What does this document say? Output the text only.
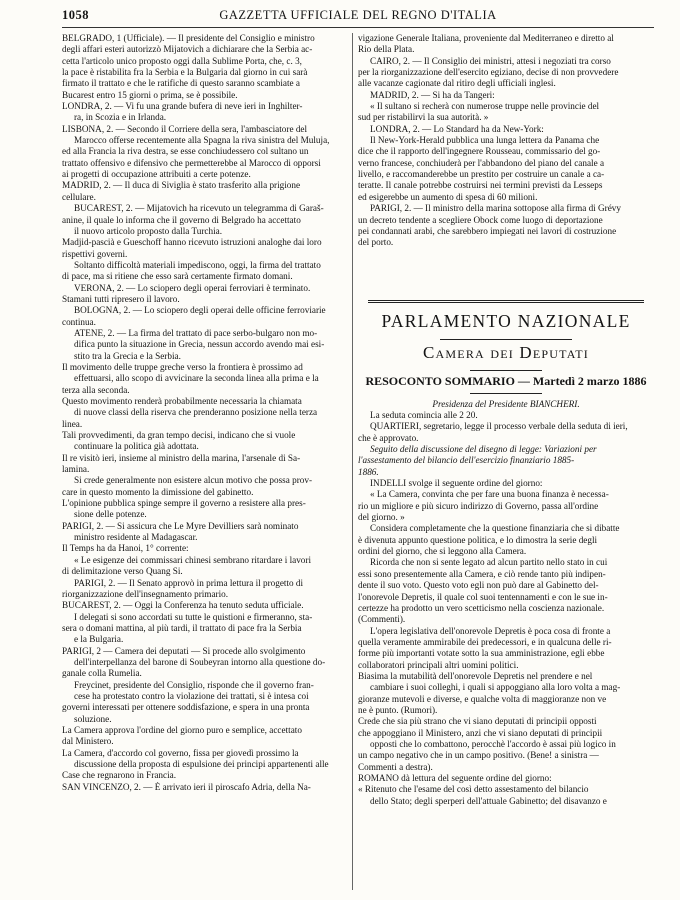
1058	GAZZETTA UFFICIALE DEL REGNO D'ITALIA

BELGRADO, 1 (Ufficiale). — Il presidente del Consiglio e ministro

degli affari esteri autorizzò Mijatovich a dichiarare che la Serbia ac-

cetta l'articolo unico proposto oggi dalla Sublime Porta, che, c. 3,

la pace è ristabilita fra la Serbia e la Bulgaria dal giorno in cui sarà

firmato il trattato e che le ratifiche di questo saranno scambiate a

Bucarest entro 15 giorni o prima, se è possibile.

LONDRA, 2. — Vi fu una grande bufera di neve ieri in Inghilter-

ra, in Scozia e in Irlanda.

LISBONA, 2. — Secondo il Corriere della sera, l'ambasciatore del

Marocco offerse recentemente alla Spagna la riva sinistra del Muluja,

ed alla Francia la riva destra, se esse conchiudessero col sultano un

trattato offensivo e difensivo che permetterebbe al Marocco di opporsi

ai progetti di occupazione attribuiti a certe potenze.

MADRID, 2. — Il duca di Siviglia è stato trasferito alla prigione

cellulare.

BUCAREST, 2. — Mijatovich ha ricevuto un telegramma di Garaš-

anine, il quale lo informa che il governo di Belgrado ha accettato

il nuovo articolo proposto dalla Turchia.

Madjid-pascià e Gueschoff hanno ricevuto istruzioni analoghe dai loro

rispettivi governi.

Soltanto difficoltà materiali impediscono, oggi, la firma del trattato

di pace, ma si ritiene che esso sarà certamente firmato domani.

VERONA, 2. — Lo sciopero degli operai ferroviari è terminato.

Stamani tutti ripresero il lavoro.

BOLOGNA, 2. — Lo sciopero degli operai delle officine ferroviarie

continua.

ATENE, 2. — La firma del trattato di pace serbo-bulgaro non mo-

difica punto la situazione in Grecia, nessun accordo avendo mai esi-

stito tra la Grecia e la Serbia.

Il movimento delle truppe greche verso la frontiera è prossimo ad

effettuarsi, allo scopo di avvicinare la seconda linea alla prima e la

terza alla seconda.

Questo movimento renderà probabilmente necessaria la chiamata

di nuove classi della riserva che prenderanno posizione nella terza

linea.

Tali provvedimenti, da gran tempo decisi, indicano che si vuole

continuare la politica già adottata.

Il re visitò ieri, insieme al ministro della marina, l'arsenale di Sa-

lamina.

Si crede generalmente non esistere alcun motivo che possa prov-

care in questo momento la dimissione del gabinetto.

L'opinione pubblica spinge sempre il governo a resistere alla pres-

sione delle potenze.

PARIGI, 2. — Si assicura che Le Myre Devilliers sarà nominato

ministro residente al Madagascar.

Il Temps ha da Hanoi, 1° corrente:

« Le esigenze dei commissari chinesi sembrano ritardare i lavori

di delimitazione verso Quang Si.

PARIGI, 2. — Il Senato approvò in prima lettura il progetto di

riorganizzazione dell'insegnamento primario.

BUCAREST, 2. — Oggi la Conferenza ha tenuto seduta ufficiale.

I delegati si sono accordati su tutte le quistioni e firmeranno, sta-

sera o domani mattina, al più tardi, il trattato di pace fra la Serbia

e la Bulgaria.

PARIGI, 2 — Camera dei deputati — Si procede allo svolgimento

dell'interpellanza del barone di Soubeyran intorno alla questione do-

ganale colla Rumelia.

Freycinet, presidente del Consiglio, risponde che il governo fran-

cese ha protestato contro la violazione dei trattati, si è intesa coi

governi interessati per ottenere soddisfazione, e spera in una pronta

soluzione.

La Camera approva l'ordine del giorno puro e semplice, accettato

dal Ministero.

La Camera, d'accordo col governo, fissa per giovedì prossimo la

discussione della proposta di espulsione dei principi appartenenti alle

Case che regnarono in Francia.

SAN VINCENZO, 2. — È arrivato ieri il piroscafo Adria, della Na-

vigazione Generale Italiana, proveniente dal Mediterraneo e diretto al

Rio della Plata.

CAIRO, 2. — Il Consiglio dei ministri, attesi i negoziati tra corso

per la riorganizzazione dell'esercito egiziano, decise di non provvedere

alle vacanze cagionate dal ritiro degli ufficiali inglesi.

MADRID, 2. — Si ha da Tangeri:

« Il sultano si recherà con numerose truppe nelle provincie del

sud per ristabilirvi la sua autorità. »

LONDRA, 2. — Lo Standard ha da New-York:

Il New-York-Herald pubblica una lunga lettera da Panama che

dice che il rapporto dell'ingegnere Rousseau, commissario del go-

verno francese, conchiuderà per l'abbandono del piano del canale a

livello, e raccomanderebbe un prestito per costruire un canale a ca-

teratte. Il canale potrebbe costruirsi nei termini previsti da Lesseps

ed esigerebbe un aumento di spesa di 60 milioni.

PARIGI, 2. — Il ministro della marina sottopose alla firma di Grévy

un decreto tendente a scegliere Obock come luogo di deportazione

pei condannati arabi, che sarebbero impiegati nei lavori di costruzione

del porto.

PARLAMENTO NAZIONALE
Camera dei Deputati
RESOCONTO SOMMARIO — Martedì 2 marzo 1886
Presidenza del Presidente BIANCHERI.

La seduta comincia alle 2 20.

QUARTIERI, segretario, legge il processo verbale della seduta di ieri,

che è approvato.

Seguito della discussione del disegno di legge: Variazioni per

l'assestamento del bilancio dell'esercizio finanziario 1885-

1886.

INDELLI svolge il seguente ordine del giorno:

« La Camera, convinta che per fare una buona finanza è necessa-

rio un migliore e più sicuro indirizzo di Governo, passa all'ordine

del giorno. »

Considera completamente che la questione finanziaria che si dibatte

è divenuta appunto questione politica, e lo dimostra la serie degli

ordini del giorno, che si leggono alla Camera.

Ricorda che non si sente legato ad alcun partito nello stato in cui

essi sono presentemente alla Camera, e ciò rende tanto più indipen-

dente il suo voto. Questo voto egli non può dare al Gabinetto del-

l'onorevole Depretis, il quale col suoi tentennamenti e con le sue in-

certezze ha prodotto un vero scetticismo nella coscienza nazionale.

(Commenti).

L'opera legislativa dell'onorevole Depretis è poca cosa di fronte a

quella veramente ammirabile dei predecessori, e in qualcuna delle ri-

forme più importanti votate sotto la sua amministrazione, egli ebbe

collaboratori principali altri uomini politici.

Biasima la mutabilità dell'onorevole Depretis nel prendere e nel

cambiare i suoi colleghi, i quali si appoggiano alla loro volta a mag-

gioranze mutevoli e diverse, e qualche volta di maggioranze non ve

ne è punto. (Rumori).

Crede che sia più strano che vi siano deputati di principii opposti

che appoggiano il Ministero, anzi che vi siano deputati di principii

opposti che lo combattono, perocchè l'accordo è assai più logico in

un campo negativo che in un campo positivo. (Bene! a sinistra —

Commenti a destra).

ROMANO dà lettura del seguente ordine del giorno:

« Ritenuto che l'esame del così detto assestamento del bilancio

dello Stato; degli sperperi dell'attuale Gabinetto; del disavanzo e
